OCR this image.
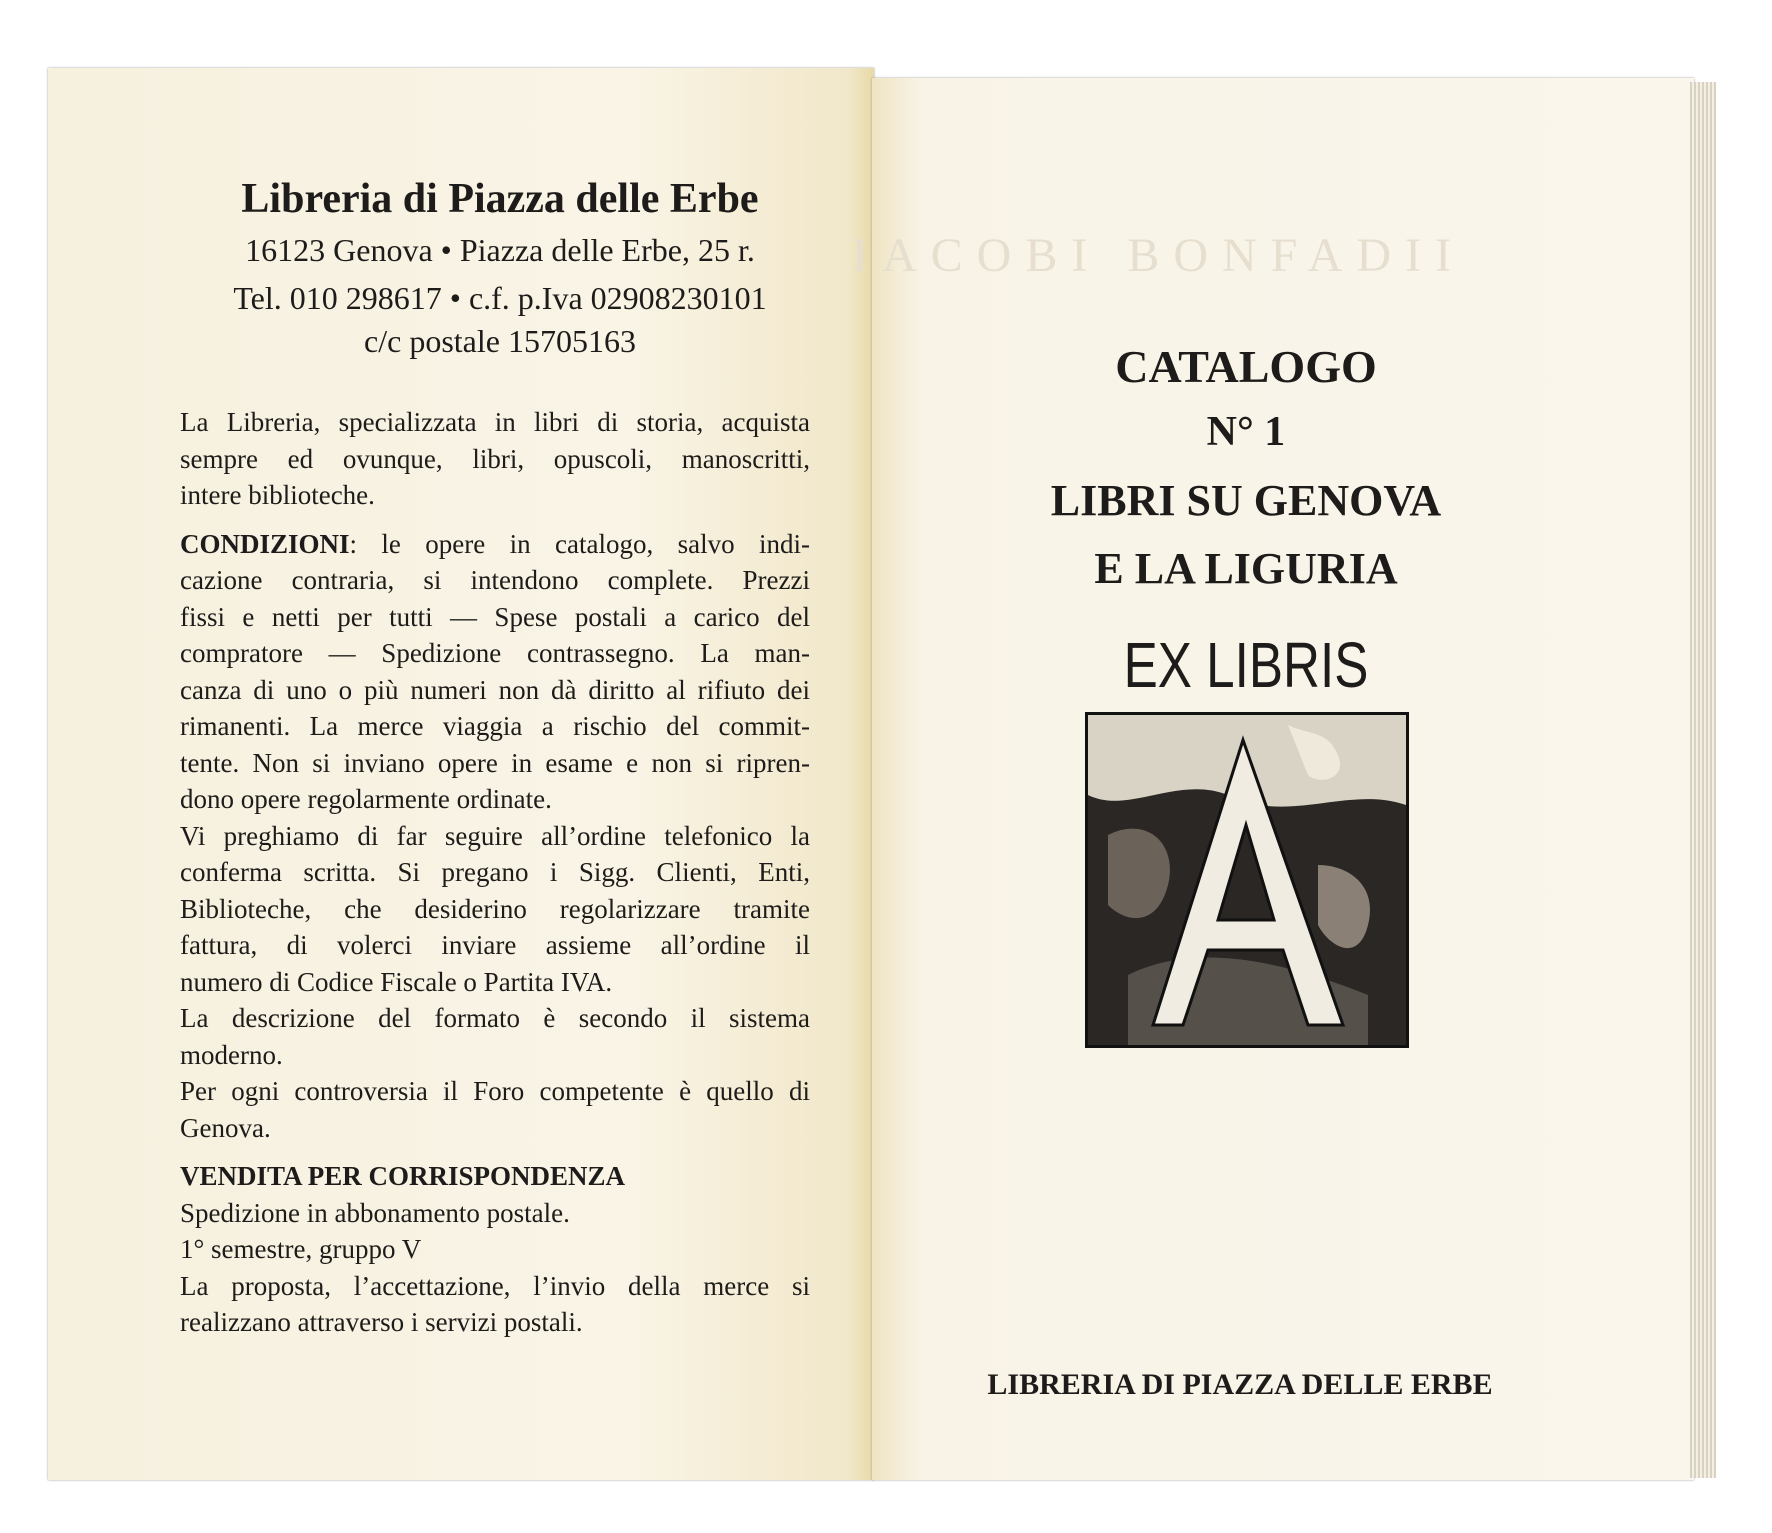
IACOBI BONFADII
Libreria di Piazza delle Erbe
16123 Genova • Piazza delle Erbe, 25 r.
Tel. 010 298617 • c.f. p.Iva 02908230101
c/c postale 15705163
La Libreria, specializzata in libri di storia, acquista
sempre ed ovunque, libri, opuscoli, manoscritti,
intere biblioteche.
CONDIZIONI: le opere in catalogo, salvo indi-
cazione contraria, si intendono complete. Prezzi
fissi e netti per tutti — Spese postali a carico del
compratore — Spedizione contrassegno. La man-
canza di uno o più numeri non dà diritto al rifiuto dei
rimanenti. La merce viaggia a rischio del commit-
tente. Non si inviano opere in esame e non si ripren-
dono opere regolarmente ordinate.
Vi preghiamo di far seguire all’ordine telefonico la
conferma scritta. Si pregano i Sigg. Clienti, Enti,
Biblioteche, che desiderino regolarizzare tramite
fattura, di volerci inviare assieme all’ordine il
numero di Codice Fiscale o Partita IVA.
La descrizione del formato è secondo il sistema
moderno.
Per ogni controversia il Foro competente è quello di
Genova.
VENDITA PER CORRISPONDENZA
Spedizione in abbonamento postale.
1° semestre, gruppo V
La proposta, l’accettazione, l’invio della merce si
realizzano attraverso i servizi postali.
CATALOGO
N° 1
LIBRI SU GENOVA
E LA LIGURIA
EX LIBRIS
A
LIBRERIA DI PIAZZA DELLE ERBE
